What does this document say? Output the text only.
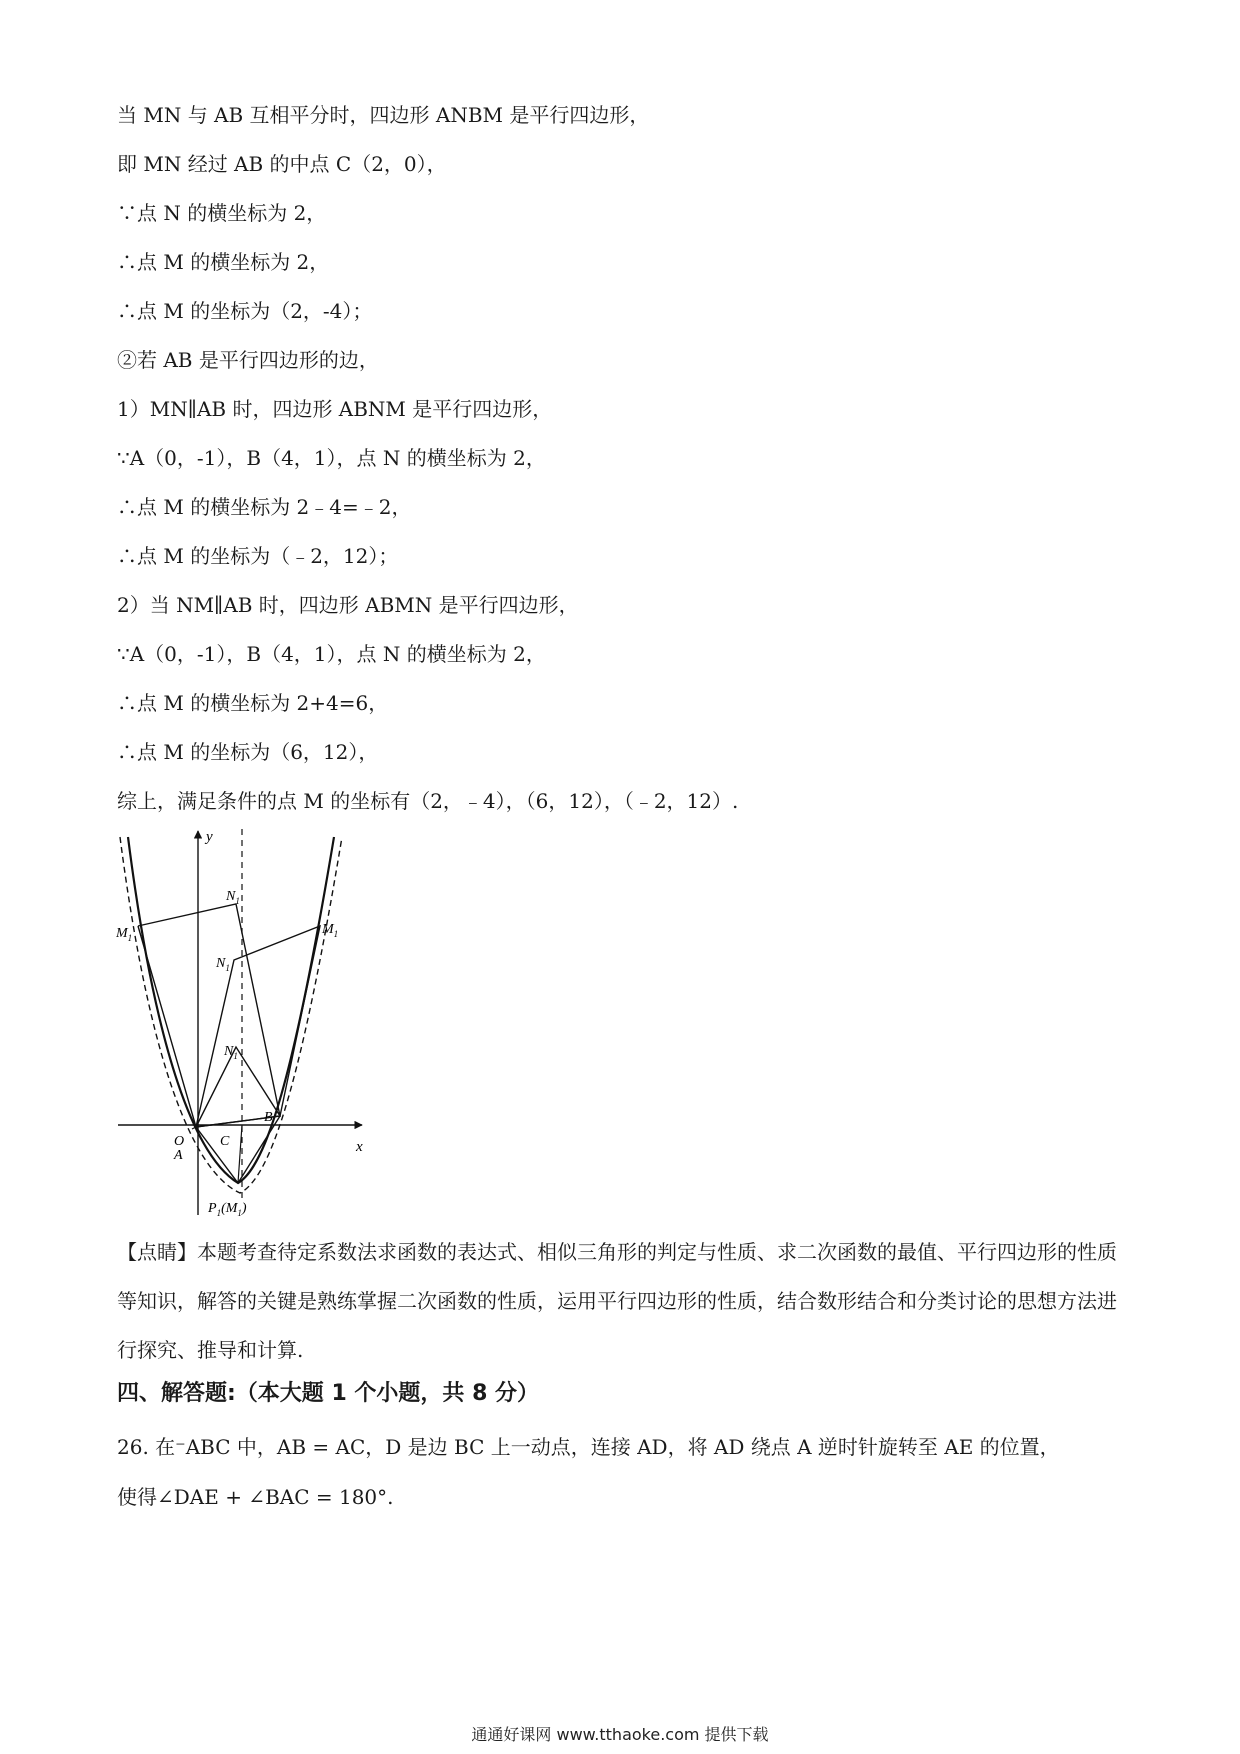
当 MN 与 AB 互相平分时，四边形 ANBM 是平行四边形，
即 MN 经过 AB 的中点 C（2，0），
∵点 N 的横坐标为 2，
∴点 M 的横坐标为 2，
∴点 M 的坐标为（2，-4）；
②若 AB 是平行四边形的边，
1）MN∥AB 时，四边形 ABNM 是平行四边形，
∵A（0，-1），B（4，1），点 N 的横坐标为 2，
∴点 M 的横坐标为 2﹣4=﹣2，
∴点 M 的坐标为（﹣2，12）；
2）当 NM∥AB 时，四边形 ABMN 是平行四边形，
∵A（0，-1），B（4，1），点 N 的横坐标为 2，
∴点 M 的横坐标为 2+4=6，
∴点 M 的坐标为（6，12），
综上，满足条件的点 M 的坐标有（2，﹣4），（6，12），（﹣2，12）.
y
x
$N_1$
$M_1$
$M_1$
$N_1$
$N_1$
O
A
C
B
$P_1(M_1)$
【点睛】本题考查待定系数法求函数的表达式、相似三角形的判定与性质、求二次函数的最值、平行四边形的性质等知识，解答的关键是熟练掌握二次函数的性质，运用平行四边形的性质，结合数形结合和分类讨论的思想方法进行探究、推导和计算.
四、解答题:（本大题 1 个小题，共 8 分）
26. 在⁻ABC 中，AB = AC，D 是边 BC 上一动点，连接 AD，将 AD 绕点 A 逆时针旋转至 AE 的位置，
使得∠DAE + ∠BAC = 180°.
通通好课网 www.tthaoke.com 提供下载
